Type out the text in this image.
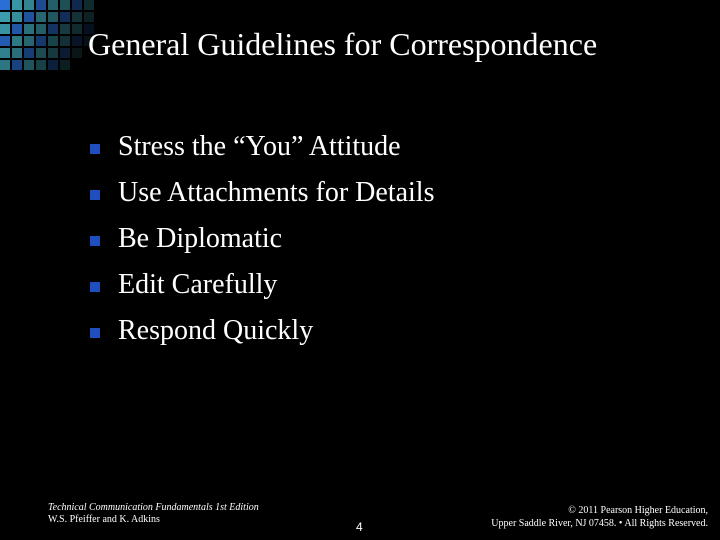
General Guidelines for Correspondence
Stress the “You” Attitude
Use Attachments for Details
Be Diplomatic
Edit Carefully
Respond Quickly
Technical Communication Fundamentals 1st Edition
W.S. Pfeiffer and K. Adkins
4
© 2011 Pearson Higher Education,
Upper Saddle River, NJ 07458. • All Rights Reserved.
